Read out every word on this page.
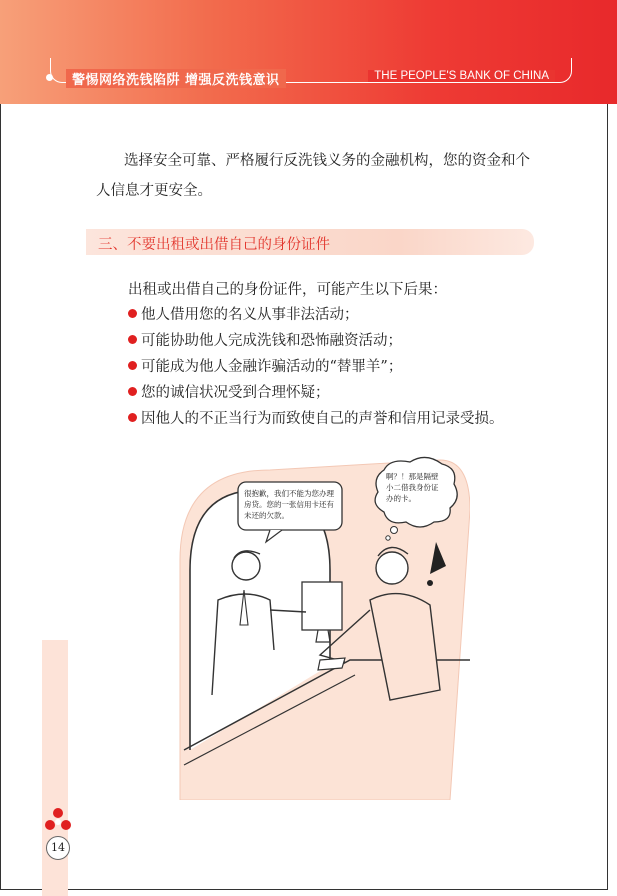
警惕网络洗钱陷阱 增强反洗钱意识	THE PEOPLE'S BANK OF CHINA
选择安全可靠、严格履行反洗钱义务的金融机构，您的资金和个人信息才更安全。
三、不要出租或出借自己的身份证件
出租或出借自己的身份证件，可能产生以下后果：
他人借用您的名义从事非法活动；
可能协助他人完成洗钱和恐怖融资活动；
可能成为他人金融诈骗活动的“替罪羊”；
您的诚信状况受到合理怀疑；
因他人的不正当行为而致使自己的声誉和信用记录受损。
很抱歉，我们不能为您办理房贷。您的一张信用卡还有未还的欠款。
啊？！那是隔壁小二借我身份证办的卡。
14
